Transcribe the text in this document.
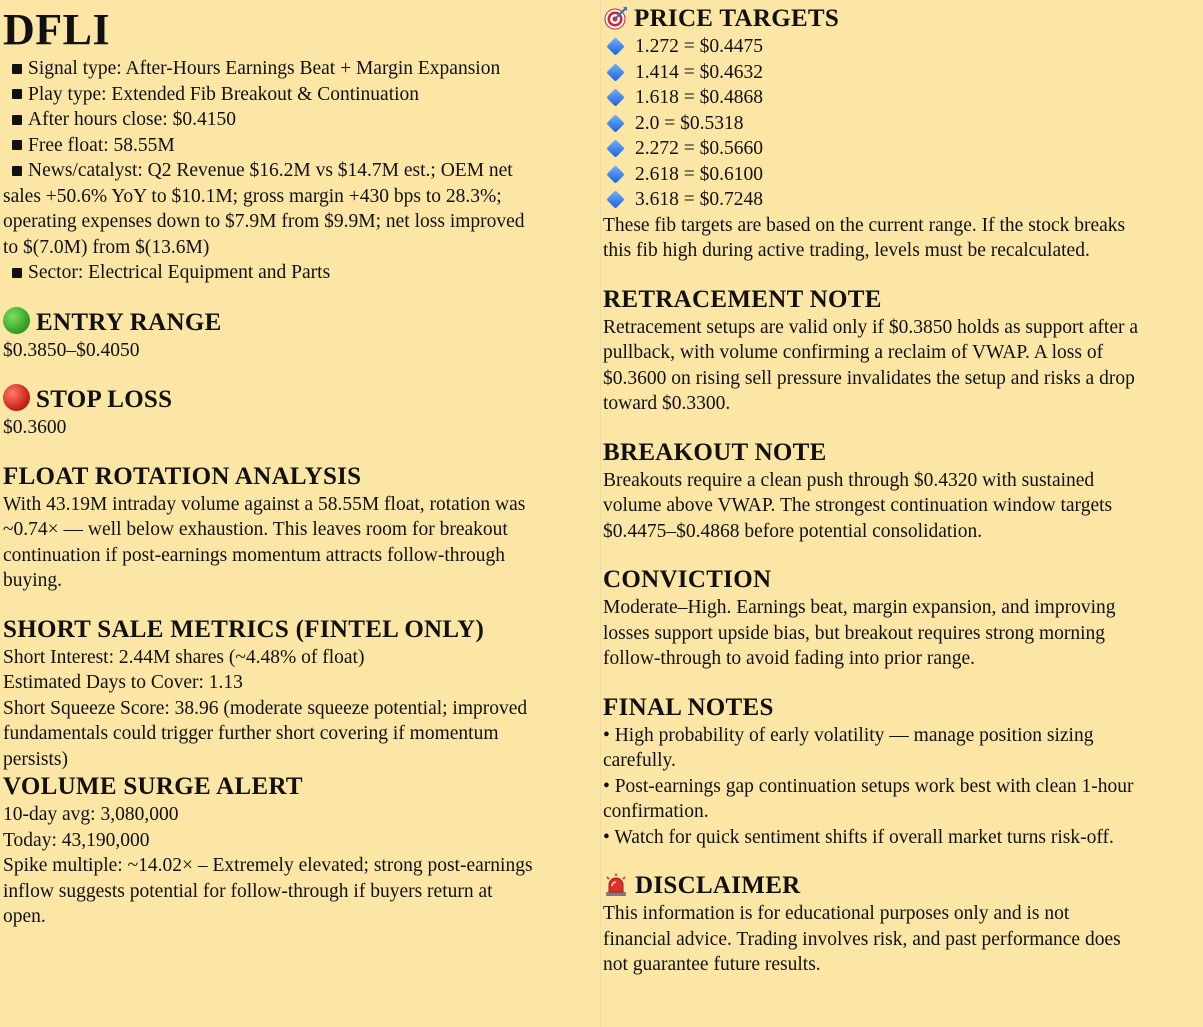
DFLI
Signal type: After-Hours Earnings Beat + Margin Expansion
Play type: Extended Fib Breakout & Continuation
After hours close: $0.4150
Free float: 58.55M
News/catalyst: Q2 Revenue $16.2M vs $14.7M est.; OEM net
sales +50.6% YoY to $10.1M; gross margin +430 bps to 28.3%;
operating expenses down to $7.9M from $9.9M; net loss improved
to $(7.0M) from $(13.6M)
Sector: Electrical Equipment and Parts
ENTRY RANGE
$0.3850–$0.4050
STOP LOSS
$0.3600
FLOAT ROTATION ANALYSIS
With 43.19M intraday volume against a 58.55M float, rotation was
~0.74× — well below exhaustion. This leaves room for breakout
continuation if post-earnings momentum attracts follow-through
buying.
SHORT SALE METRICS (FINTEL ONLY)
Short Interest: 2.44M shares (~4.48% of float)
Estimated Days to Cover: 1.13
Short Squeeze Score: 38.96 (moderate squeeze potential; improved
fundamentals could trigger further short covering if momentum
persists)
VOLUME SURGE ALERT
10-day avg: 3,080,000
Today: 43,190,000
Spike multiple: ~14.02× – Extremely elevated; strong post-earnings
inflow suggests potential for follow-through if buyers return at
open.
PRICE TARGETS
1.272 = $0.4475
1.414 = $0.4632
1.618 = $0.4868
2.0 = $0.5318
2.272 = $0.5660
2.618 = $0.6100
3.618 = $0.7248
These fib targets are based on the current range. If the stock breaks
this fib high during active trading, levels must be recalculated.
RETRACEMENT NOTE
Retracement setups are valid only if $0.3850 holds as support after a
pullback, with volume confirming a reclaim of VWAP. A loss of
$0.3600 on rising sell pressure invalidates the setup and risks a drop
toward $0.3300.
BREAKOUT NOTE
Breakouts require a clean push through $0.4320 with sustained
volume above VWAP. The strongest continuation window targets
$0.4475–$0.4868 before potential consolidation.
CONVICTION
Moderate–High. Earnings beat, margin expansion, and improving
losses support upside bias, but breakout requires strong morning
follow-through to avoid fading into prior range.
FINAL NOTES
• High probability of early volatility — manage position sizing
carefully.
• Post-earnings gap continuation setups work best with clean 1-hour
confirmation.
• Watch for quick sentiment shifts if overall market turns risk-off.
DISCLAIMER
This information is for educational purposes only and is not
financial advice. Trading involves risk, and past performance does
not guarantee future results.
